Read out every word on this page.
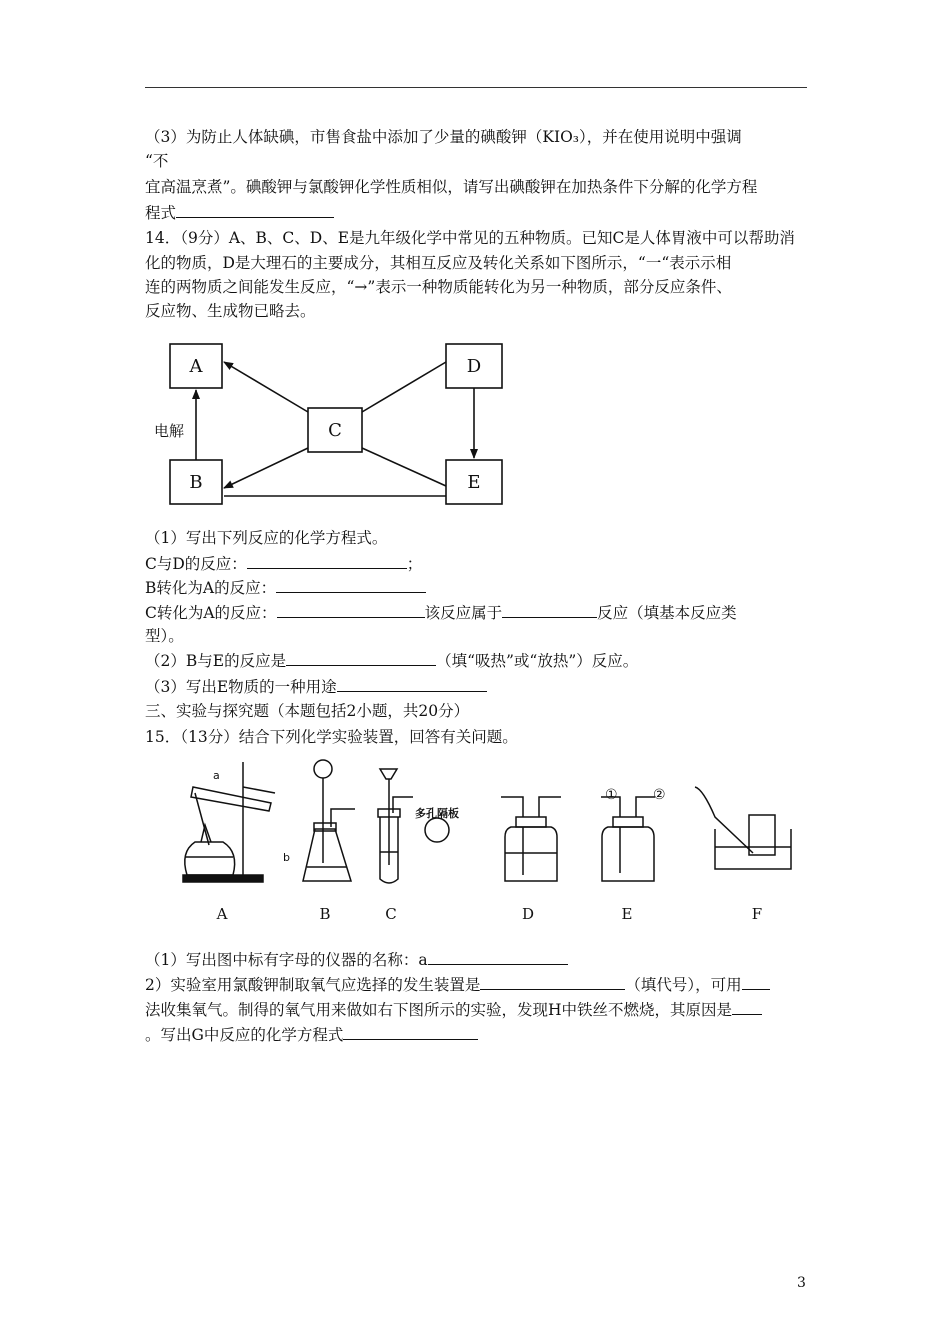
（3）为防止人体缺碘，市售食盐中添加了少量的碘酸钾（KIO₃），并在使用说明中强调
“不
宜高温烹煮”。碘酸钾与氯酸钾化学性质相似，请写出碘酸钾在加热条件下分解的化学方程
程式
14．（9分）A、B、C、D、E是九年级化学中常见的五种物质。已知C是人体胃液中可以帮助消
化的物质，D是大理石的主要成分，其相互反应及转化关系如下图所示，“一“表示示相
连的两物质之间能发生反应，“→”表示一种物质能转化为另一种物质，部分反应条件、
反应物、生成物已略去。
A
B
C
D
E
电解
（1）写出下列反应的化学方程式。
C与D的反应：	；
B转化为A的反应：
C转化为A的反应：	该反应属于	反应（填基本反应类
型）。
（2）B与E的反应是	（填“吸热”或“放热”）反应。
（3）写出E物质的一种用途
三、实验与探究题（本题包括2小题，共20分）
15．（13分）结合下列化学实验装置，回答有关问题。
A	B	C	D	E	F
a
b
多孔隔板
①	②
（1）写出图中标有字母的仪器的名称：a
2）实验室用氯酸钾制取氧气应选择的发生装置是	（填代号），可用
法收集氧气。制得的氧气用来做如右下图所示的实验，发现H中铁丝不燃烧，其原因是
。写出G中反应的化学方程式
3
